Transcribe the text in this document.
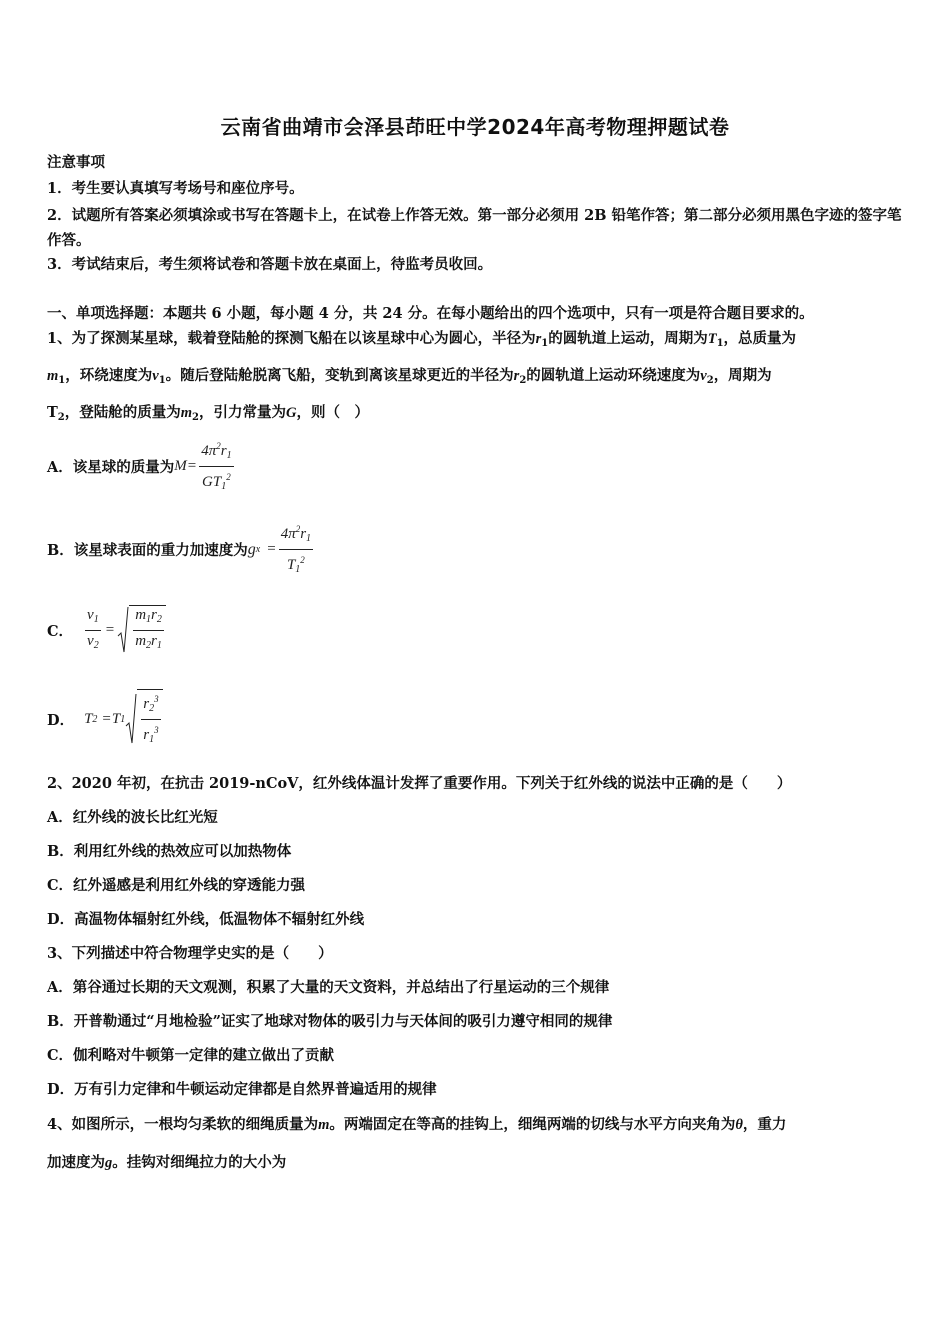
云南省曲靖市会泽县茚旺中学2024年高考物理押题试卷
注意事项
1．考生要认真填写考场号和座位序号。
2．试题所有答案必须填涂或书写在答题卡上，在试卷上作答无效。第一部分必须用 2B 铅笔作答；第二部分必须用黑色字迹的签字笔作答。
3．考试结束后，考生须将试卷和答题卡放在桌面上，待监考员收回。
一、单项选择题：本题共 6 小题，每小题 4 分，共 24 分。在每小题给出的四个选项中，只有一项是符合题目要求的。
1、为了探测某星球，载着登陆舱的探测飞船在以该星球中心为圆心，半径为$r_1$的圆轨道上运动，周期为$T_1$，总质量为
$m_1$，环绕速度为$v_1$。随后登陆舱脱离飞船，变轨到离该星球更近的半径为$r_2$的圆轨道上运动环绕速度为$v_2$，周期为
$T_2$，登陆舱的质量为$m_2$，引力常量为G，则（　）
A．该星球的质量为 $M = \frac{4\pi^2r_1}{GT_1^2}$
B．该星球表面的重力加速度为 g $x = \frac{4\pi^2r_1}{T_1^2}$
C． $\frac{v_1}{v_2} = \frac{m_1r_2}{m_2r_1}$
D． T 2 = T $1 \frac{r_2^3}{r_1^3}$
2、2020 年初，在抗击 2019-nCoV，红外线体温计发挥了重要作用。下列关于红外线的说法中正确的是（　　）
A．红外线的波长比红光短
B．利用红外线的热效应可以加热物体
C．红外遥感是利用红外线的穿透能力强
D．高温物体辐射红外线，低温物体不辐射红外线
3、下列描述中符合物理学史实的是（　　）
A．第谷通过长期的天文观测，积累了大量的天文资料，并总结出了行星运动的三个规律
B．开普勒通过“月地检验”证实了地球对物体的吸引力与天体间的吸引力遵守相同的规律
C．伽利略对牛顿第一定律的建立做出了贡献
D．万有引力定律和牛顿运动定律都是自然界普遍适用的规律
4、如图所示，一根均匀柔软的细绳质量为m。两端固定在等高的挂钩上，细绳两端的切线与水平方向夹角为θ，重力
加速度为g。挂钩对细绳拉力的大小为
